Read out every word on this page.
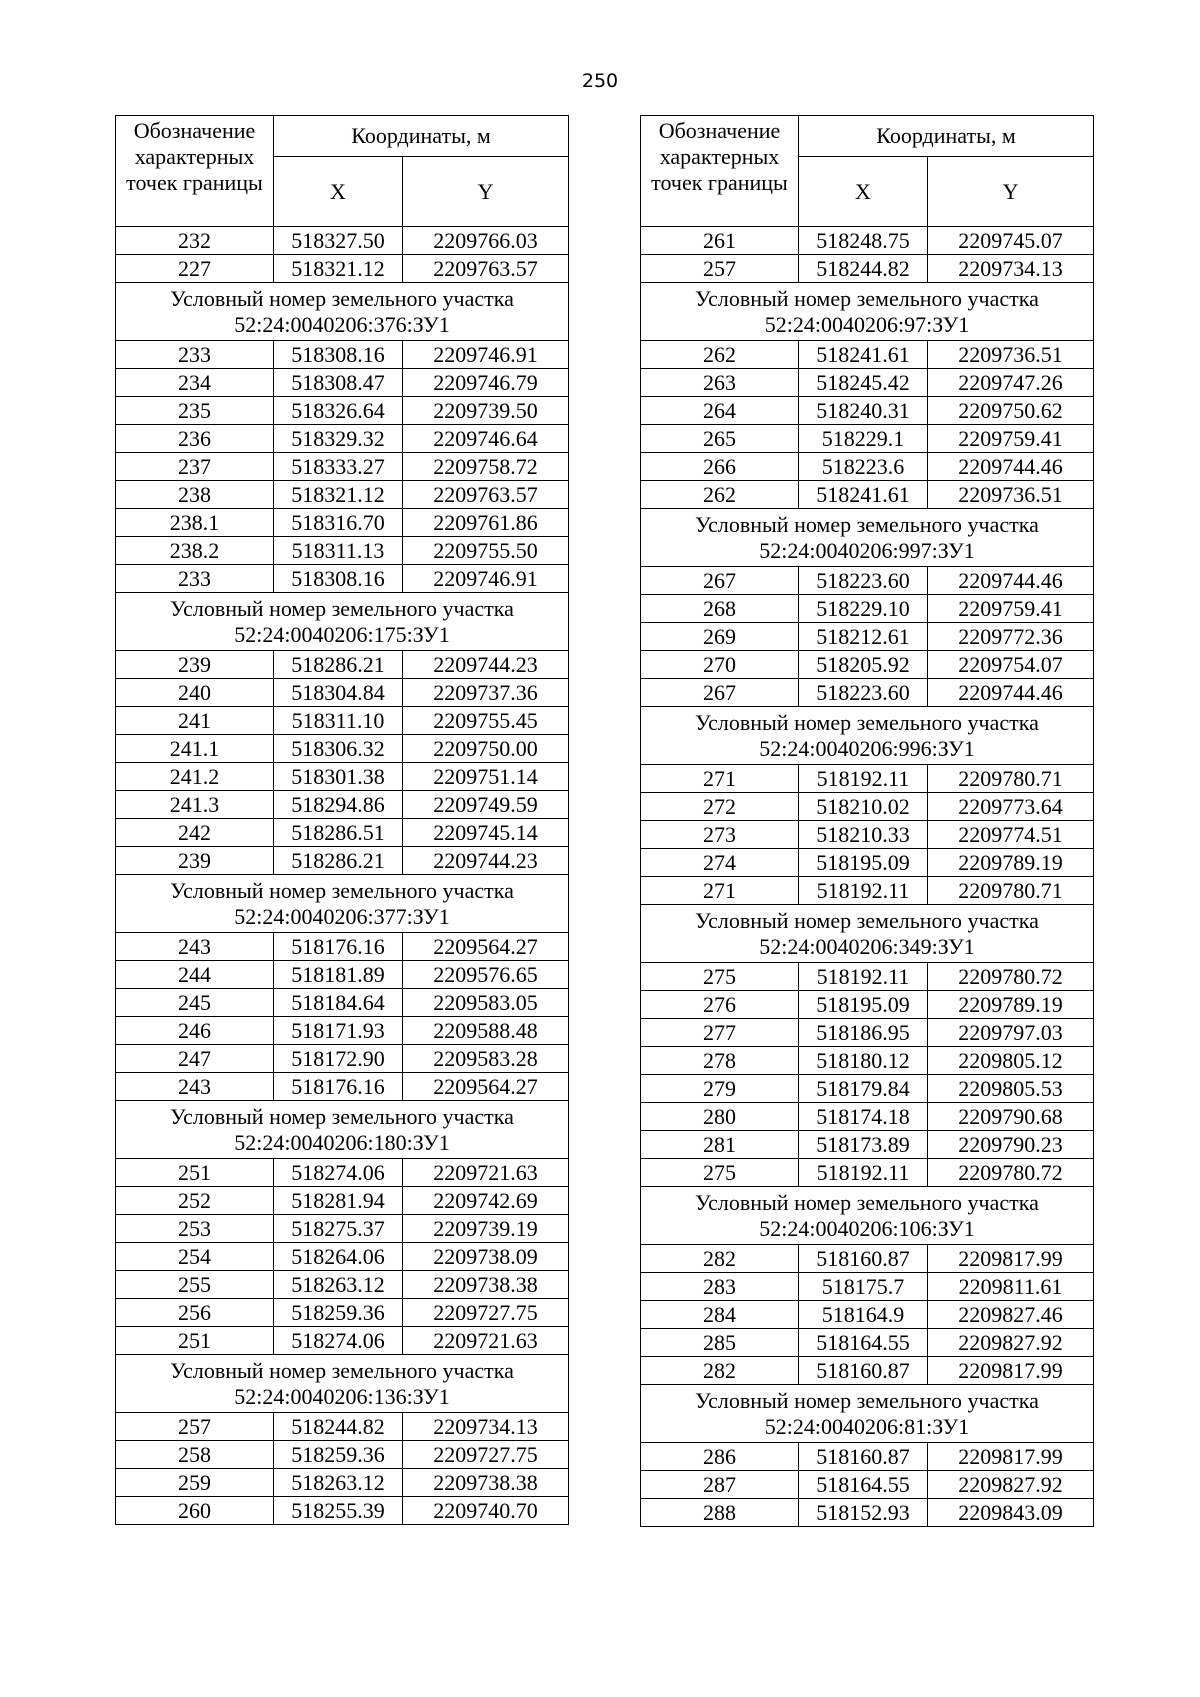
250
Обозначение характерных точек границы	Координаты, м	
	X	Y
232	518327.50	2209766.03
227	518321.12	2209763.57

Условный номер земельного участка
52:24:0040206:376:ЗУ1		

233	518308.16	2209746.91
234	518308.47	2209746.79
235	518326.64	2209739.50
236	518329.32	2209746.64
237	518333.27	2209758.72
238	518321.12	2209763.57
238.1	518316.70	2209761.86
238.2	518311.13	2209755.50
233	518308.16	2209746.91

Условный номер земельного участка
52:24:0040206:175:ЗУ1		

239	518286.21	2209744.23
240	518304.84	2209737.36
241	518311.10	2209755.45
241.1	518306.32	2209750.00
241.2	518301.38	2209751.14
241.3	518294.86	2209749.59
242	518286.51	2209745.14
239	518286.21	2209744.23

Условный номер земельного участка
52:24:0040206:377:ЗУ1		

243	518176.16	2209564.27
244	518181.89	2209576.65
245	518184.64	2209583.05
246	518171.93	2209588.48
247	518172.90	2209583.28
243	518176.16	2209564.27

Условный номер земельного участка
52:24:0040206:180:ЗУ1		

251	518274.06	2209721.63
252	518281.94	2209742.69
253	518275.37	2209739.19
254	518264.06	2209738.09
255	518263.12	2209738.38
256	518259.36	2209727.75
251	518274.06	2209721.63

Условный номер земельного участка
52:24:0040206:136:ЗУ1		

257	518244.82	2209734.13
258	518259.36	2209727.75
259	518263.12	2209738.38
260	518255.39	2209740.70
Обозначение характерных точек границы	Координаты, м	
	X	Y
261	518248.75	2209745.07
257	518244.82	2209734.13

Условный номер земельного участка
52:24:0040206:97:ЗУ1		

262	518241.61	2209736.51
263	518245.42	2209747.26
264	518240.31	2209750.62
265	518229.1	2209759.41
266	518223.6	2209744.46
262	518241.61	2209736.51

Условный номер земельного участка
52:24:0040206:997:ЗУ1		

267	518223.60	2209744.46
268	518229.10	2209759.41
269	518212.61	2209772.36
270	518205.92	2209754.07
267	518223.60	2209744.46

Условный номер земельного участка
52:24:0040206:996:ЗУ1		

271	518192.11	2209780.71
272	518210.02	2209773.64
273	518210.33	2209774.51
274	518195.09	2209789.19
271	518192.11	2209780.71

Условный номер земельного участка
52:24:0040206:349:ЗУ1		

275	518192.11	2209780.72
276	518195.09	2209789.19
277	518186.95	2209797.03
278	518180.12	2209805.12
279	518179.84	2209805.53
280	518174.18	2209790.68
281	518173.89	2209790.23
275	518192.11	2209780.72

Условный номер земельного участка
52:24:0040206:106:ЗУ1		

282	518160.87	2209817.99
283	518175.7	2209811.61
284	518164.9	2209827.46
285	518164.55	2209827.92
282	518160.87	2209817.99

Условный номер земельного участка
52:24:0040206:81:ЗУ1		

286	518160.87	2209817.99
287	518164.55	2209827.92
288	518152.93	2209843.09
